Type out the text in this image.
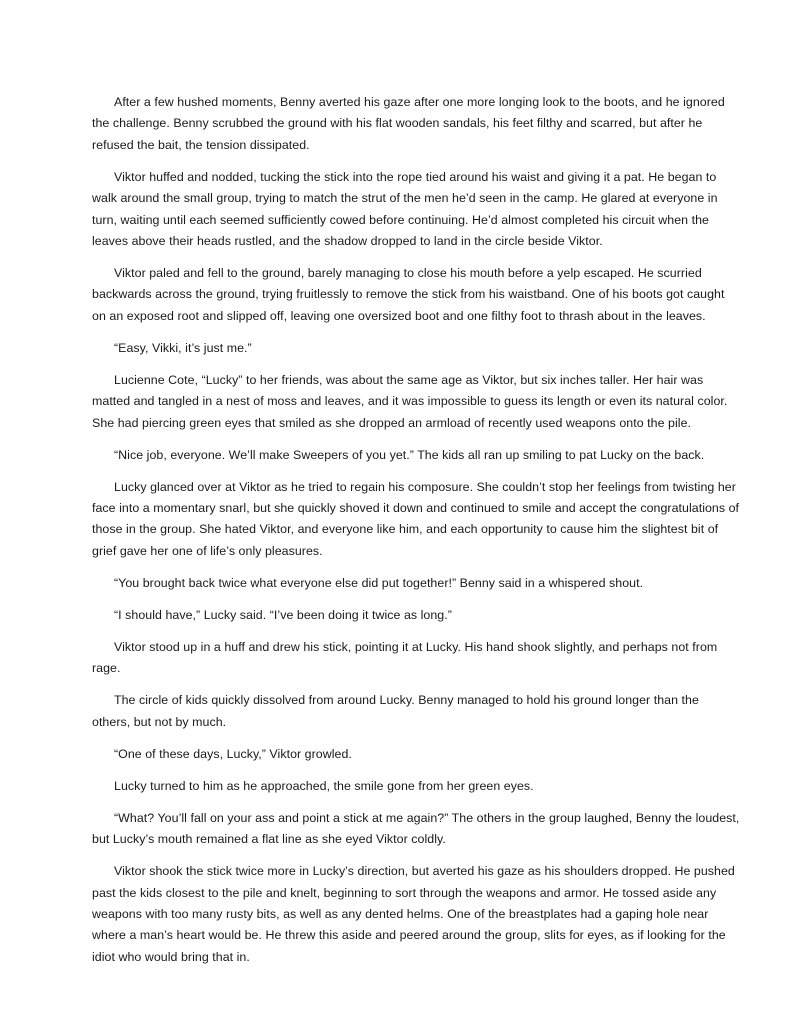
After a few hushed moments, Benny averted his gaze after one more longing look to the boots, and he ignored the challenge. Benny scrubbed the ground with his flat wooden sandals, his feet filthy and scarred, but after he refused the bait, the tension dissipated.

Viktor huffed and nodded, tucking the stick into the rope tied around his waist and giving it a pat. He began to walk around the small group, trying to match the strut of the men he’d seen in the camp. He glared at everyone in turn, waiting until each seemed sufficiently cowed before continuing. He’d almost completed his circuit when the leaves above their heads rustled, and the shadow dropped to land in the circle beside Viktor.

Viktor paled and fell to the ground, barely managing to close his mouth before a yelp escaped. He scurried backwards across the ground, trying fruitlessly to remove the stick from his waistband. One of his boots got caught on an exposed root and slipped off, leaving one oversized boot and one filthy foot to thrash about in the leaves.

“Easy, Vikki, it’s just me.”

Lucienne Cote, “Lucky” to her friends, was about the same age as Viktor, but six inches taller. Her hair was matted and tangled in a nest of moss and leaves, and it was impossible to guess its length or even its natural color. She had piercing green eyes that smiled as she dropped an armload of recently used weapons onto the pile.

“Nice job, everyone. We’ll make Sweepers of you yet.” The kids all ran up smiling to pat Lucky on the back.

Lucky glanced over at Viktor as he tried to regain his composure. She couldn’t stop her feelings from twisting her face into a momentary snarl, but she quickly shoved it down and continued to smile and accept the congratulations of those in the group. She hated Viktor, and everyone like him, and each opportunity to cause him the slightest bit of grief gave her one of life’s only pleasures.

“You brought back twice what everyone else did put together!” Benny said in a whispered shout.

“I should have,” Lucky said. “I’ve been doing it twice as long.”

Viktor stood up in a huff and drew his stick, pointing it at Lucky. His hand shook slightly, and perhaps not from rage.

The circle of kids quickly dissolved from around Lucky. Benny managed to hold his ground longer than the others, but not by much.

“One of these days, Lucky,” Viktor growled.

Lucky turned to him as he approached, the smile gone from her green eyes.

“What? You’ll fall on your ass and point a stick at me again?” The others in the group laughed, Benny the loudest, but Lucky’s mouth remained a flat line as she eyed Viktor coldly.

Viktor shook the stick twice more in Lucky’s direction, but averted his gaze as his shoulders dropped. He pushed past the kids closest to the pile and knelt, beginning to sort through the weapons and armor. He tossed aside any weapons with too many rusty bits, as well as any dented helms. One of the breastplates had a gaping hole near where a man’s heart would be. He threw this aside and peered around the group, slits for eyes, as if looking for the idiot who would bring that in.
